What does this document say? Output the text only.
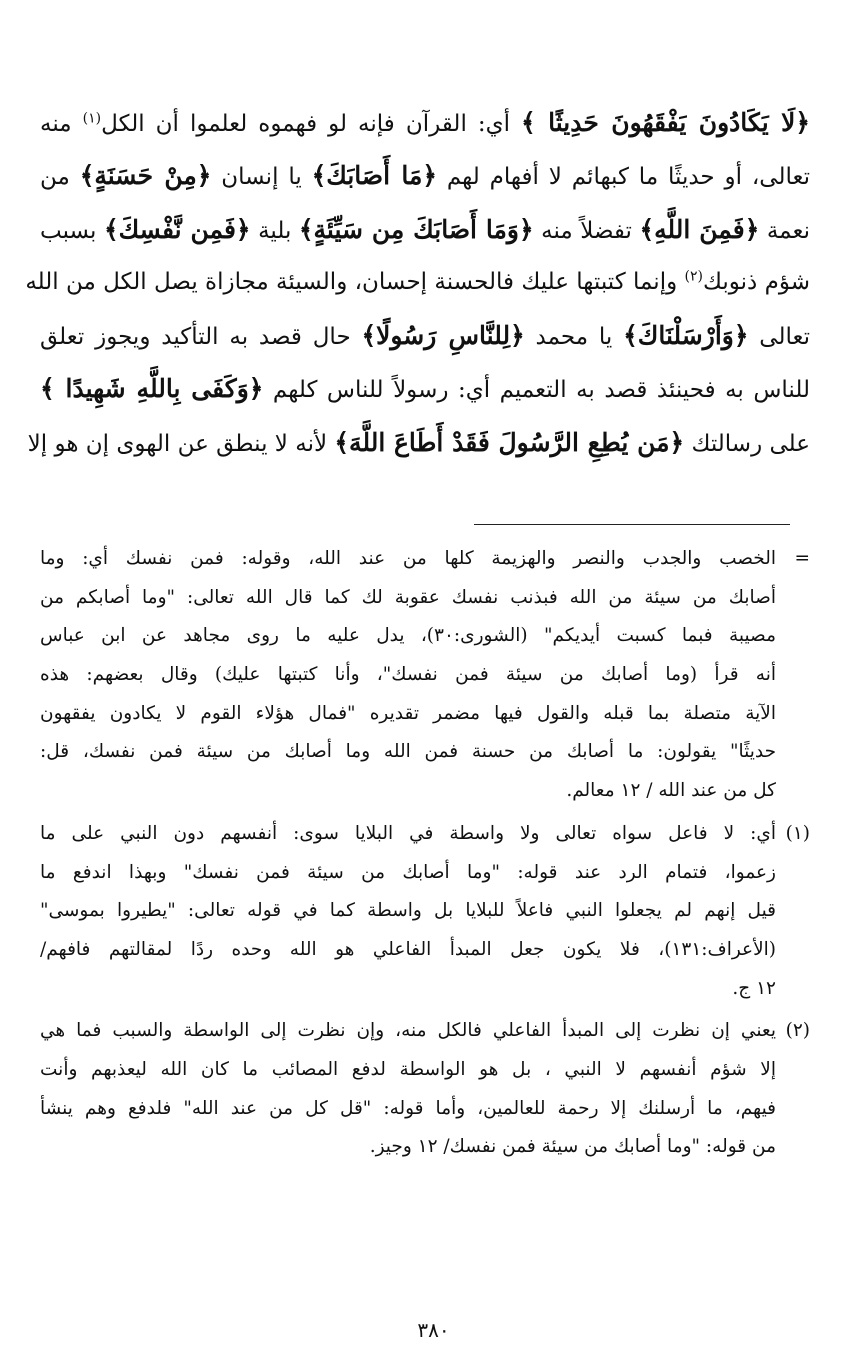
﴿لَا يَكَادُونَ يَفْقَهُونَ حَدِيثًا ﴾ أي: القرآن فإنه لو فهموه لعلموا أن الكل$^{(١)}$ منه
تعالى، أو حديثًا ما كبهائم لا أفهام لهم ﴿مَا أَصَابَكَ﴾ يا إنسان ﴿مِنْ حَسَنَةٍ﴾ من
نعمة ﴿فَمِنَ اللَّهِ﴾ تفضلاً منه ﴿وَمَا أَصَابَكَ مِن سَيِّئَةٍ﴾ بلية ﴿فَمِن نَّفْسِكَ﴾ بسبب
شؤم ذنوبك$^{(٢)}$ وإنما كتبتها عليك فالحسنة إحسان، والسيئة مجازاة يصل الكل من الله
تعالى ﴿وَأَرْسَلْنَاكَ﴾ يا محمد ﴿لِلنَّاسِ رَسُولًا﴾ حال قصد به التأكيد ويجوز تعلق
للناس به فحينئذ قصد به التعميم أي: رسولاً للناس كلهم ﴿وَكَفَى بِاللَّهِ شَهِيدًا ﴾
على رسالتك ﴿مَن يُطِعِ الرَّسُولَ فَقَدْ أَطَاعَ اللَّهَ﴾ لأنه لا ينطق عن الهوى إن هو إلا
=
الخصب والجدب والنصر والهزيمة كلها من عند الله، وقوله: فمن نفسك أي: وما
أصابك من سيئة من الله فبذنب نفسك عقوبة لك كما قال الله تعالى: "وما أصابكم من
مصيبة فبما كسبت أيديكم" (الشورى:٣٠)، يدل عليه ما روى مجاهد عن ابن عباس
أنه قرأ (وما أصابك من سيئة فمن نفسك"، وأنا كتبتها عليك) وقال بعضهم: هذه
الآية متصلة بما قبله والقول فيها مضمر تقديره "فمال هؤلاء القوم لا يكادون يفقهون
حديثًا" يقولون: ما أصابك من حسنة فمن الله وما أصابك من سيئة فمن نفسك، قل:
كل من عند الله / ١٢ معالم.
(١)
أي: لا فاعل سواه تعالى ولا واسطة في البلايا سوى: أنفسهم دون النبي على ما
زعموا، فتمام الرد عند قوله: "وما أصابك من سيئة فمن نفسك" وبهذا اندفع ما
قيل إنهم لم يجعلوا النبي فاعلاً للبلايا بل واسطة كما في قوله تعالى: "يطيروا بموسى"
(الأعراف:١٣١)، فلا يكون جعل المبدأ الفاعلي هو الله وحده ردًا لمقالتهم فافهم/
١٢ ج.
(٢)
يعني إن نظرت إلى المبدأ الفاعلي فالكل منه، وإن نظرت إلى الواسطة والسبب فما هي
إلا شؤم أنفسهم لا النبي ، بل هو الواسطة لدفع المصائب ما كان الله ليعذبهم وأنت
فيهم، ما أرسلنك إلا رحمة للعالمين، وأما قوله: "قل كل من عند الله" فلدفع وهم ينشأ
من قوله: "وما أصابك من سيئة فمن نفسك/ ١٢ وجيز.
٣٨٠
